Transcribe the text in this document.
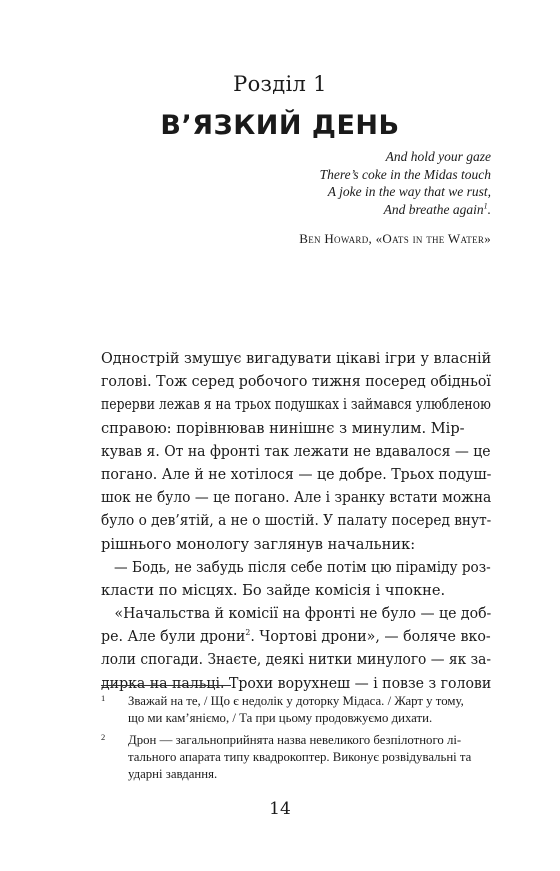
Розділ 1
В’ЯЗКИЙ ДЕНЬ
And hold your gaze
There’s coke in the Midas touch
A joke in the way that we rust,
And breathe again$^1$.
Ben Howard, «Oats in the Water»
Однострій змушує вигадувати цікаві ігри у власній
голові. Тож серед робочого тижня посеред обідньої
перерви лежав я на трьох подушках і займався улюбленою
справою: порівнював нинішнє з минулим. Мір-
кував я. От на фронті так лежати не вдавалося — це
погано. Але й не хотілося — це добре. Трьох подуш-
шок не було — це погано. Але і зранку встати можна
було о дев’ятій, а не о шостій. У палату посеред внут-
рішнього монологу заглянув начальник:
— Бодь, не забудь після себе потім цю піраміду роз-
класти по місцях. Бо зайде комісія і чпокне.
«Начальства й комісії на фронті не було — це доб-
ре. Але були дрони$^2$. Чортові дрони», — боляче вко-
лоли спогади. Знаєте, деякі нитки минулого — як за-
дирка на пальці. Трохи ворухнеш — і повзе з голови
1 Зважай на те, / Що є недолік у доторку Мідаса. / Жарт у тому,
що ми кам’яніємо, / Та при цьому продовжуємо дихати.
2 Дрон — загальноприйнята назва невеликого безпілотного лі-
тального апарата типу квадрокоптер. Виконує розвідувальні та
ударні завдання.
14
